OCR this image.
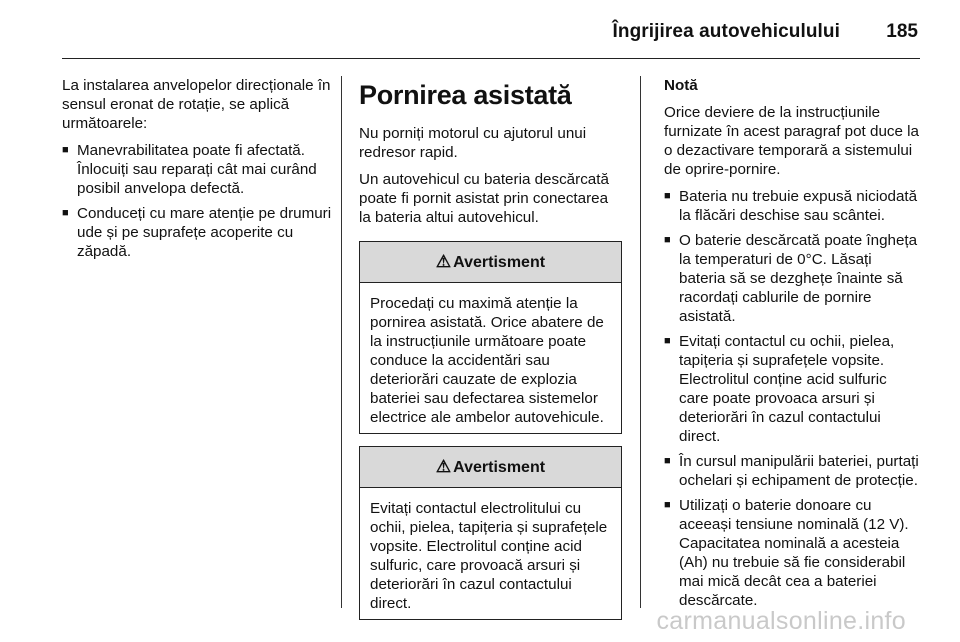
Îngrijirea autovehiculului 185

La instalarea anvelopelor direcționale în sensul eronat de rotație, se aplică următoarele:

■ Manevrabilitatea poate fi afectată. Înlocuiți sau reparați cât mai curând posibil anvelopa defectă.
■ Conduceți cu mare atenție pe drumuri ude și pe suprafețe acoperite cu zăpadă.
Pornirea asistată

Nu porniți motorul cu ajutorul unui redresor rapid.

Un autovehicul cu bateria descărcată poate fi pornit asistat prin conectarea la bateria altui autovehicul.

⚠ Avertisment
Procedați cu maximă atenție la pornirea asistată. Orice abatere de la instrucțiunile următoare poate conduce la accidentări sau deteriorări cauzate de explozia bateriei sau defectarea sistemelor electrice ale ambelor autovehicule.
⚠ Avertisment
Evitați contactul electrolitului cu ochii, pielea, tapițeria și suprafețele vopsite. Electrolitul conține acid sulfuric, care provoacă arsuri și deteriorări în cazul contactului direct.

Notă

Orice deviere de la instrucțiunile furnizate în acest paragraf pot duce la o dezactivare temporară a sistemului de oprire-pornire.

■ Bateria nu trebuie expusă niciodată la flăcări deschise sau scântei.
■ O baterie descărcată poate îngheța la temperaturi de 0°C. Lăsați bateria să se dezghețe înainte să racordați cablurile de pornire asistată.
■ Evitați contactul cu ochii, pielea, tapițeria și suprafețele vopsite. Electrolitul conține acid sulfuric care poate provoaca arsuri și deteriorări în cazul contactului direct.
■ În cursul manipulării bateriei, purtați ochelari și echipament de protecție.
■ Utilizați o baterie donoare cu aceeași tensiune nominală (12 V). Capacitatea nominală a acesteia (Ah) nu trebuie să fie considerabil mai mică decât cea a bateriei descărcate.
carmanualsonline.info
